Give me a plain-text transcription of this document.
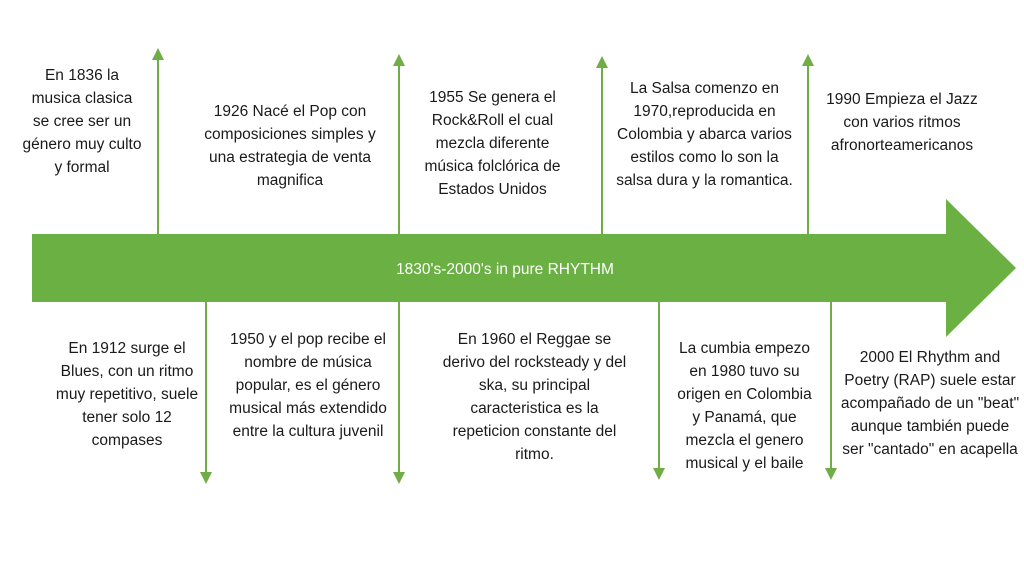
1830's-2000's in pure RHYTHM
En 1836 la musica clasica se cree ser un género muy culto y formal
1926 Nacé el Pop con composiciones simples y una estrategia de venta magnifica
1955 Se genera el Rock&Roll el cual mezcla diferente música folclórica de Estados Unidos
La Salsa comenzo en 1970,reproducida en Colombia y abarca varios estilos como lo son la salsa dura y la romantica.
1990 Empieza el Jazz con varios ritmos afronorteamericanos
En 1912 surge el Blues, con un ritmo muy repetitivo, suele tener solo 12 compases
1950 y el pop recibe el nombre de música popular, es el género musical más extendido entre la cultura juvenil
En 1960 el Reggae se derivo del rocksteady y del ska, su principal caracteristica es la repeticion constante del ritmo.
La cumbia empezo en 1980 tuvo su origen en Colombia y Panamá, que mezcla el genero musical y el baile
2000 El Rhythm and Poetry (RAP) suele estar acompañado de un "beat" aunque también puede ser "cantado" en acapella
